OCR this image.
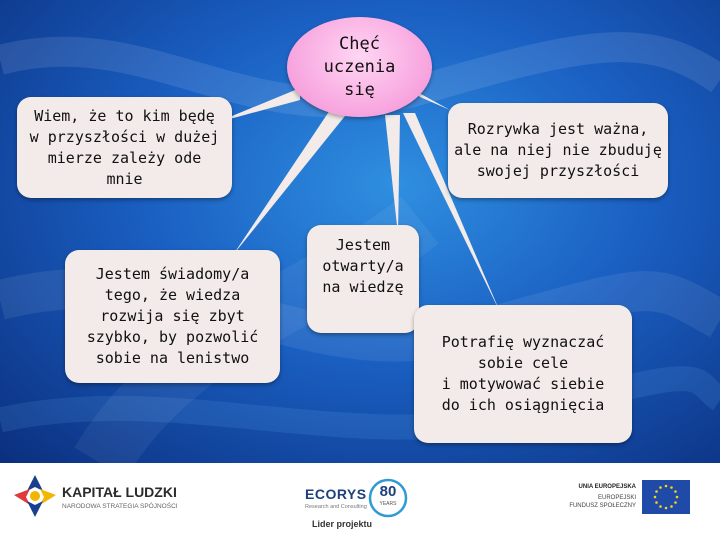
Chęć
uczenia
się
Wiem, że to kim będę
w przyszłości w dużej
mierze zależy ode
mnie
Rozrywka jest ważna,
ale na niej nie zbuduję
swojej przyszłości
Jestem świadomy/a
tego, że wiedza
rozwija się zbyt
szybko, by pozwolić
sobie na lenistwo
Jestem
otwarty/a
na wiedzę
Potrafię wyznaczać
sobie cele
i motywować siebie
do ich osiągnięcia
KAPITAŁ LUDZKI
NARODOWA STRATEGIA SPÓJNOŚCI
ECORYS
Research and Consulting
80
YEARS
Lider projektu
UNIA EUROPEJSKA
EUROPEJSKI
FUNDUSZ SPOŁECZNY
